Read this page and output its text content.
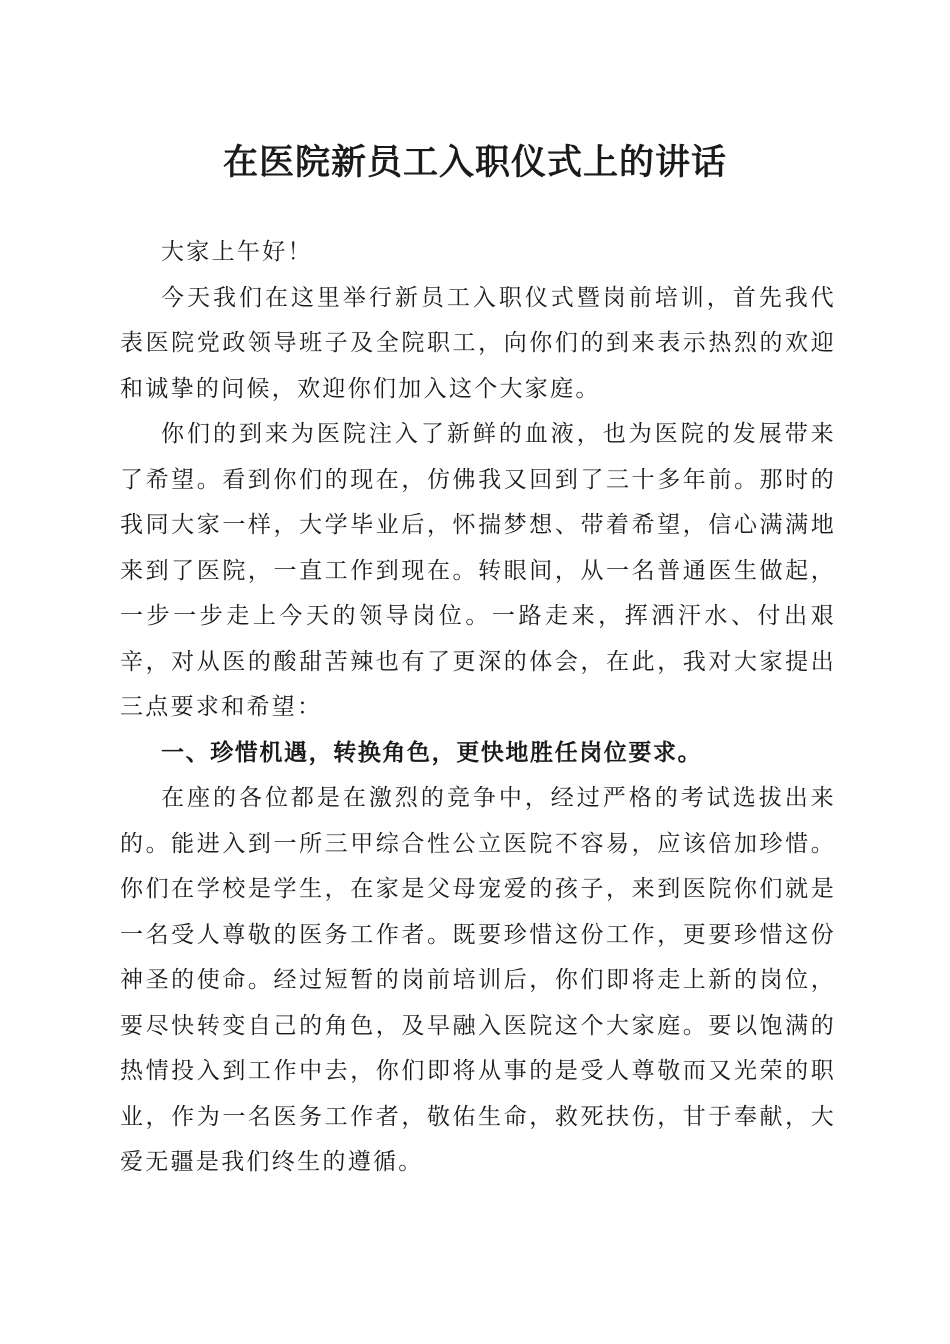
在医院新员工入职仪式上的讲话

大家上午好！

今天我们在这里举行新员工入职仪式暨岗前培训，首先我代表医院党政领导班子及全院职工，向你们的到来表示热烈的欢迎和诚挚的问候，欢迎你们加入这个大家庭。

你们的到来为医院注入了新鲜的血液，也为医院的发展带来了希望。看到你们的现在，仿佛我又回到了三十多年前。那时的我同大家一样，大学毕业后，怀揣梦想、带着希望，信心满满地来到了医院，一直工作到现在。转眼间，从一名普通医生做起，一步一步走上今天的领导岗位。一路走来，挥洒汗水、付出艰辛，对从医的酸甜苦辣也有了更深的体会，在此，我对大家提出三点要求和希望：

一、珍惜机遇，转换角色，更快地胜任岗位要求。

在座的各位都是在激烈的竞争中，经过严格的考试选拔出来的。能进入到一所三甲综合性公立医院不容易，应该倍加珍惜。你们在学校是学生，在家是父母宠爱的孩子，来到医院你们就是一名受人尊敬的医务工作者。既要珍惜这份工作，更要珍惜这份神圣的使命。经过短暂的岗前培训后，你们即将走上新的岗位，要尽快转变自己的角色，及早融入医院这个大家庭。要以饱满的热情投入到工作中去，你们即将从事的是受人尊敬而又光荣的职业，作为一名医务工作者，敬佑生命，救死扶伤，甘于奉献，大爱无疆是我们终生的遵循。
